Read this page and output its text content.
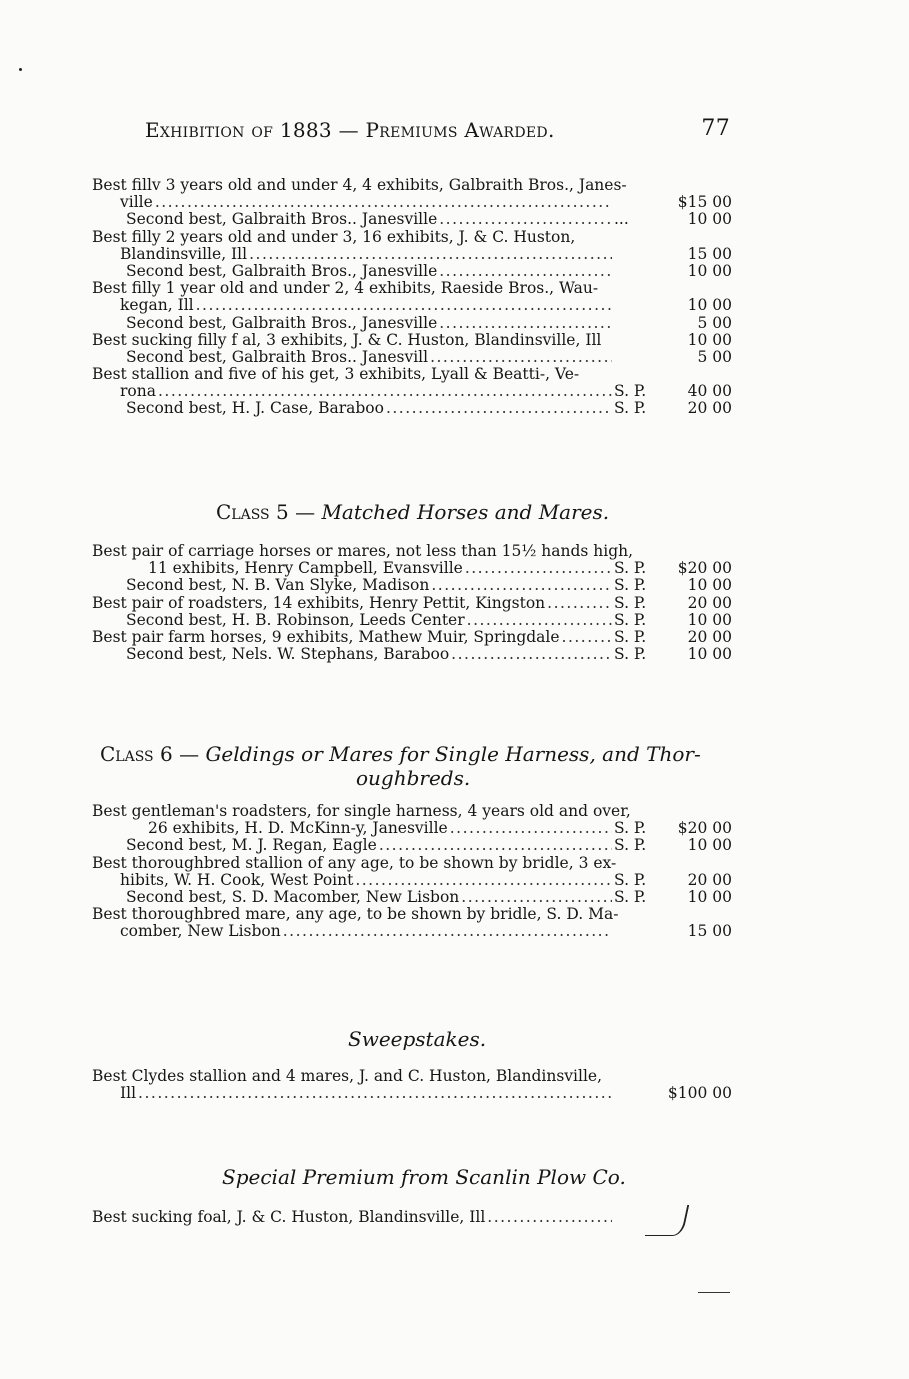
Exhibition of 1883 — Premiums Awarded.	77
Best fillv 3 years old and under 4, 4 exhibits, Galbraith Bros., Janes-
ville .....	$15 00
Second best, Galbraith Bros.. Janesville .....	...	10 00
Best filly 2 years old and under 3, 16 exhibits, J. & C. Huston,
Blandinsville, Ill .....	15 00
Second best, Galbraith Bros., Janesville .....	10 00
Best filly 1 year old and under 2, 4 exhibits, Raeside Bros., Wau-
kegan, Ill .....	10 00
Second best, Galbraith Bros., Janesville .....	5 00
Best sucking filly f al, 3 exhibits, J. & C. Huston, Blandinsville, Ill	10 00
Second best, Galbraith Bros.. Janesvill .....	5 00
Best stallion and five of his get, 3 exhibits, Lyall & Beatti-, Ve-
rona .....	S. P.	40 00
Second best, H. J. Case, Baraboo .....	S. P.	20 00
Class 5 — Matched Horses and Mares.
Best pair of carriage horses or mares, not less than 15½ hands high,
11 exhibits, Henry Campbell, Evansville .....	S. P.	$20 00
Second best, N. B. Van Slyke, Madison .....	S. P.	10 00
Best pair of roadsters, 14 exhibits, Henry Pettit, Kingston .....	S. P.	20 00
Second best, H. B. Robinson, Leeds Center .....	S. P.	10 00
Best pair farm horses, 9 exhibits, Mathew Muir, Springdale .....	S. P.	20 00
Second best, Nels. W. Stephans, Baraboo .....	S. P.	10 00
Class 6 — Geldings or Mares for Single Harness, and Thor-
oughbreds.
Best gentleman's roadsters, for single harness, 4 years old and over,
26 exhibits, H. D. McKinn-y, Janesville .....	S. P.	$20 00
Second best, M. J. Regan, Eagle .....	S. P.	10 00
Best thoroughbred stallion of any age, to be shown by bridle, 3 ex-
hibits, W. H. Cook, West Point .....	S. P.	20 00
Second best, S. D. Macomber, New Lisbon .....	S. P.	10 00
Best thoroughbred mare, any age, to be shown by bridle, S. D. Ma-
comber, New Lisbon .....	15 00
Sweepstakes.
Best Clydes stallion and 4 mares, J. and C. Huston, Blandinsville,
Ill .....	$100 00
Special Premium from Scanlin Plow Co.
Best sucking foal, J. & C. Huston, Blandinsville, Ill
.....
